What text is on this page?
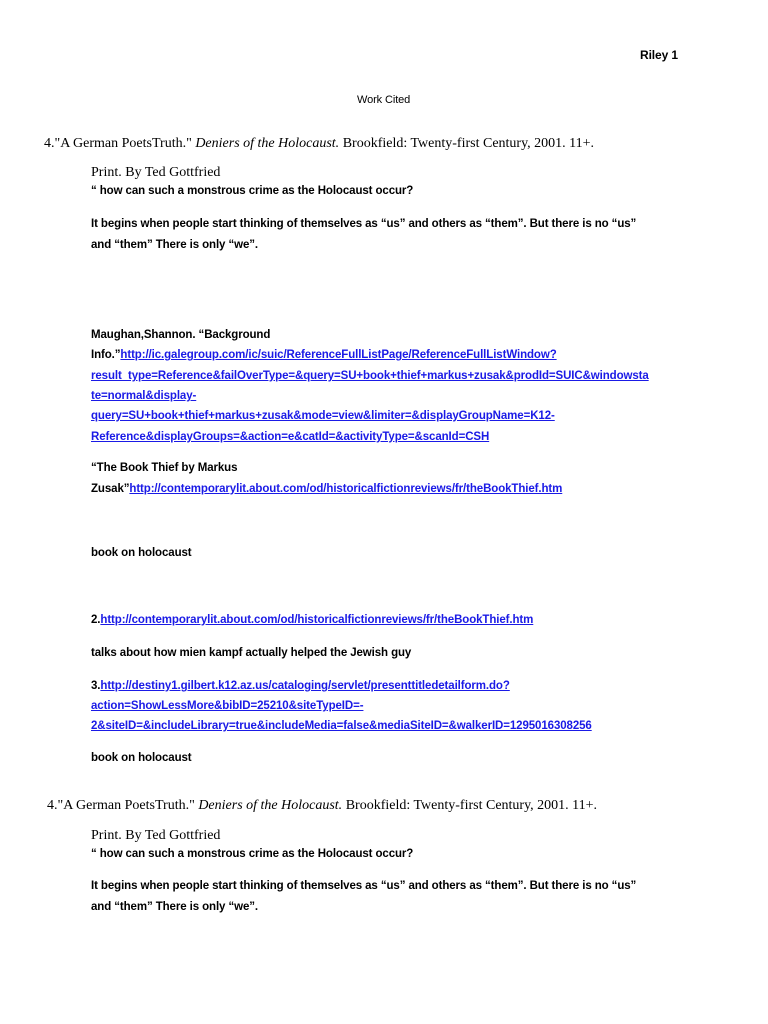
Riley 1
Work Cited
4."A German PoetsTruth." Deniers of the Holocaust. Brookfield: Twenty-first Century, 2001. 11+.
Print. By Ted Gottfried
“ how can such a monstrous crime as the Holocaust occur?
It begins when people start thinking of themselves as “us” and others as “them”. But there is no “us”
and “them” There is only “we”.
Maughan,Shannon. “Background
Info.”http://ic.galegroup.com/ic/suic/ReferenceFullListPage/ReferenceFullListWindow?
result_type=Reference&failOverType=&query=SU+book+thief+markus+zusak&prodId=SUIC&windowsta
te=normal&display-
query=SU+book+thief+markus+zusak&mode=view&limiter=&displayGroupName=K12-
Reference&displayGroups=&action=e&catId=&activityType=&scanId=CSH
“The Book Thief by Markus
Zusak”http://contemporarylit.about.com/od/historicalfictionreviews/fr/theBookThief.htm
book on holocaust
2.http://contemporarylit.about.com/od/historicalfictionreviews/fr/theBookThief.htm
talks about how mien kampf actually helped the Jewish guy
3.http://destiny1.gilbert.k12.az.us/cataloging/servlet/presenttitledetailform.do?
action=ShowLessMore&bibID=25210&siteTypeID=-
2&siteID=&includeLibrary=true&includeMedia=false&mediaSiteID=&walkerID=1295016308256
book on holocaust
4."A German PoetsTruth." Deniers of the Holocaust. Brookfield: Twenty-first Century, 2001. 11+.
Print. By Ted Gottfried
“ how can such a monstrous crime as the Holocaust occur?
It begins when people start thinking of themselves as “us” and others as “them”. But there is no “us”
and “them” There is only “we”.
